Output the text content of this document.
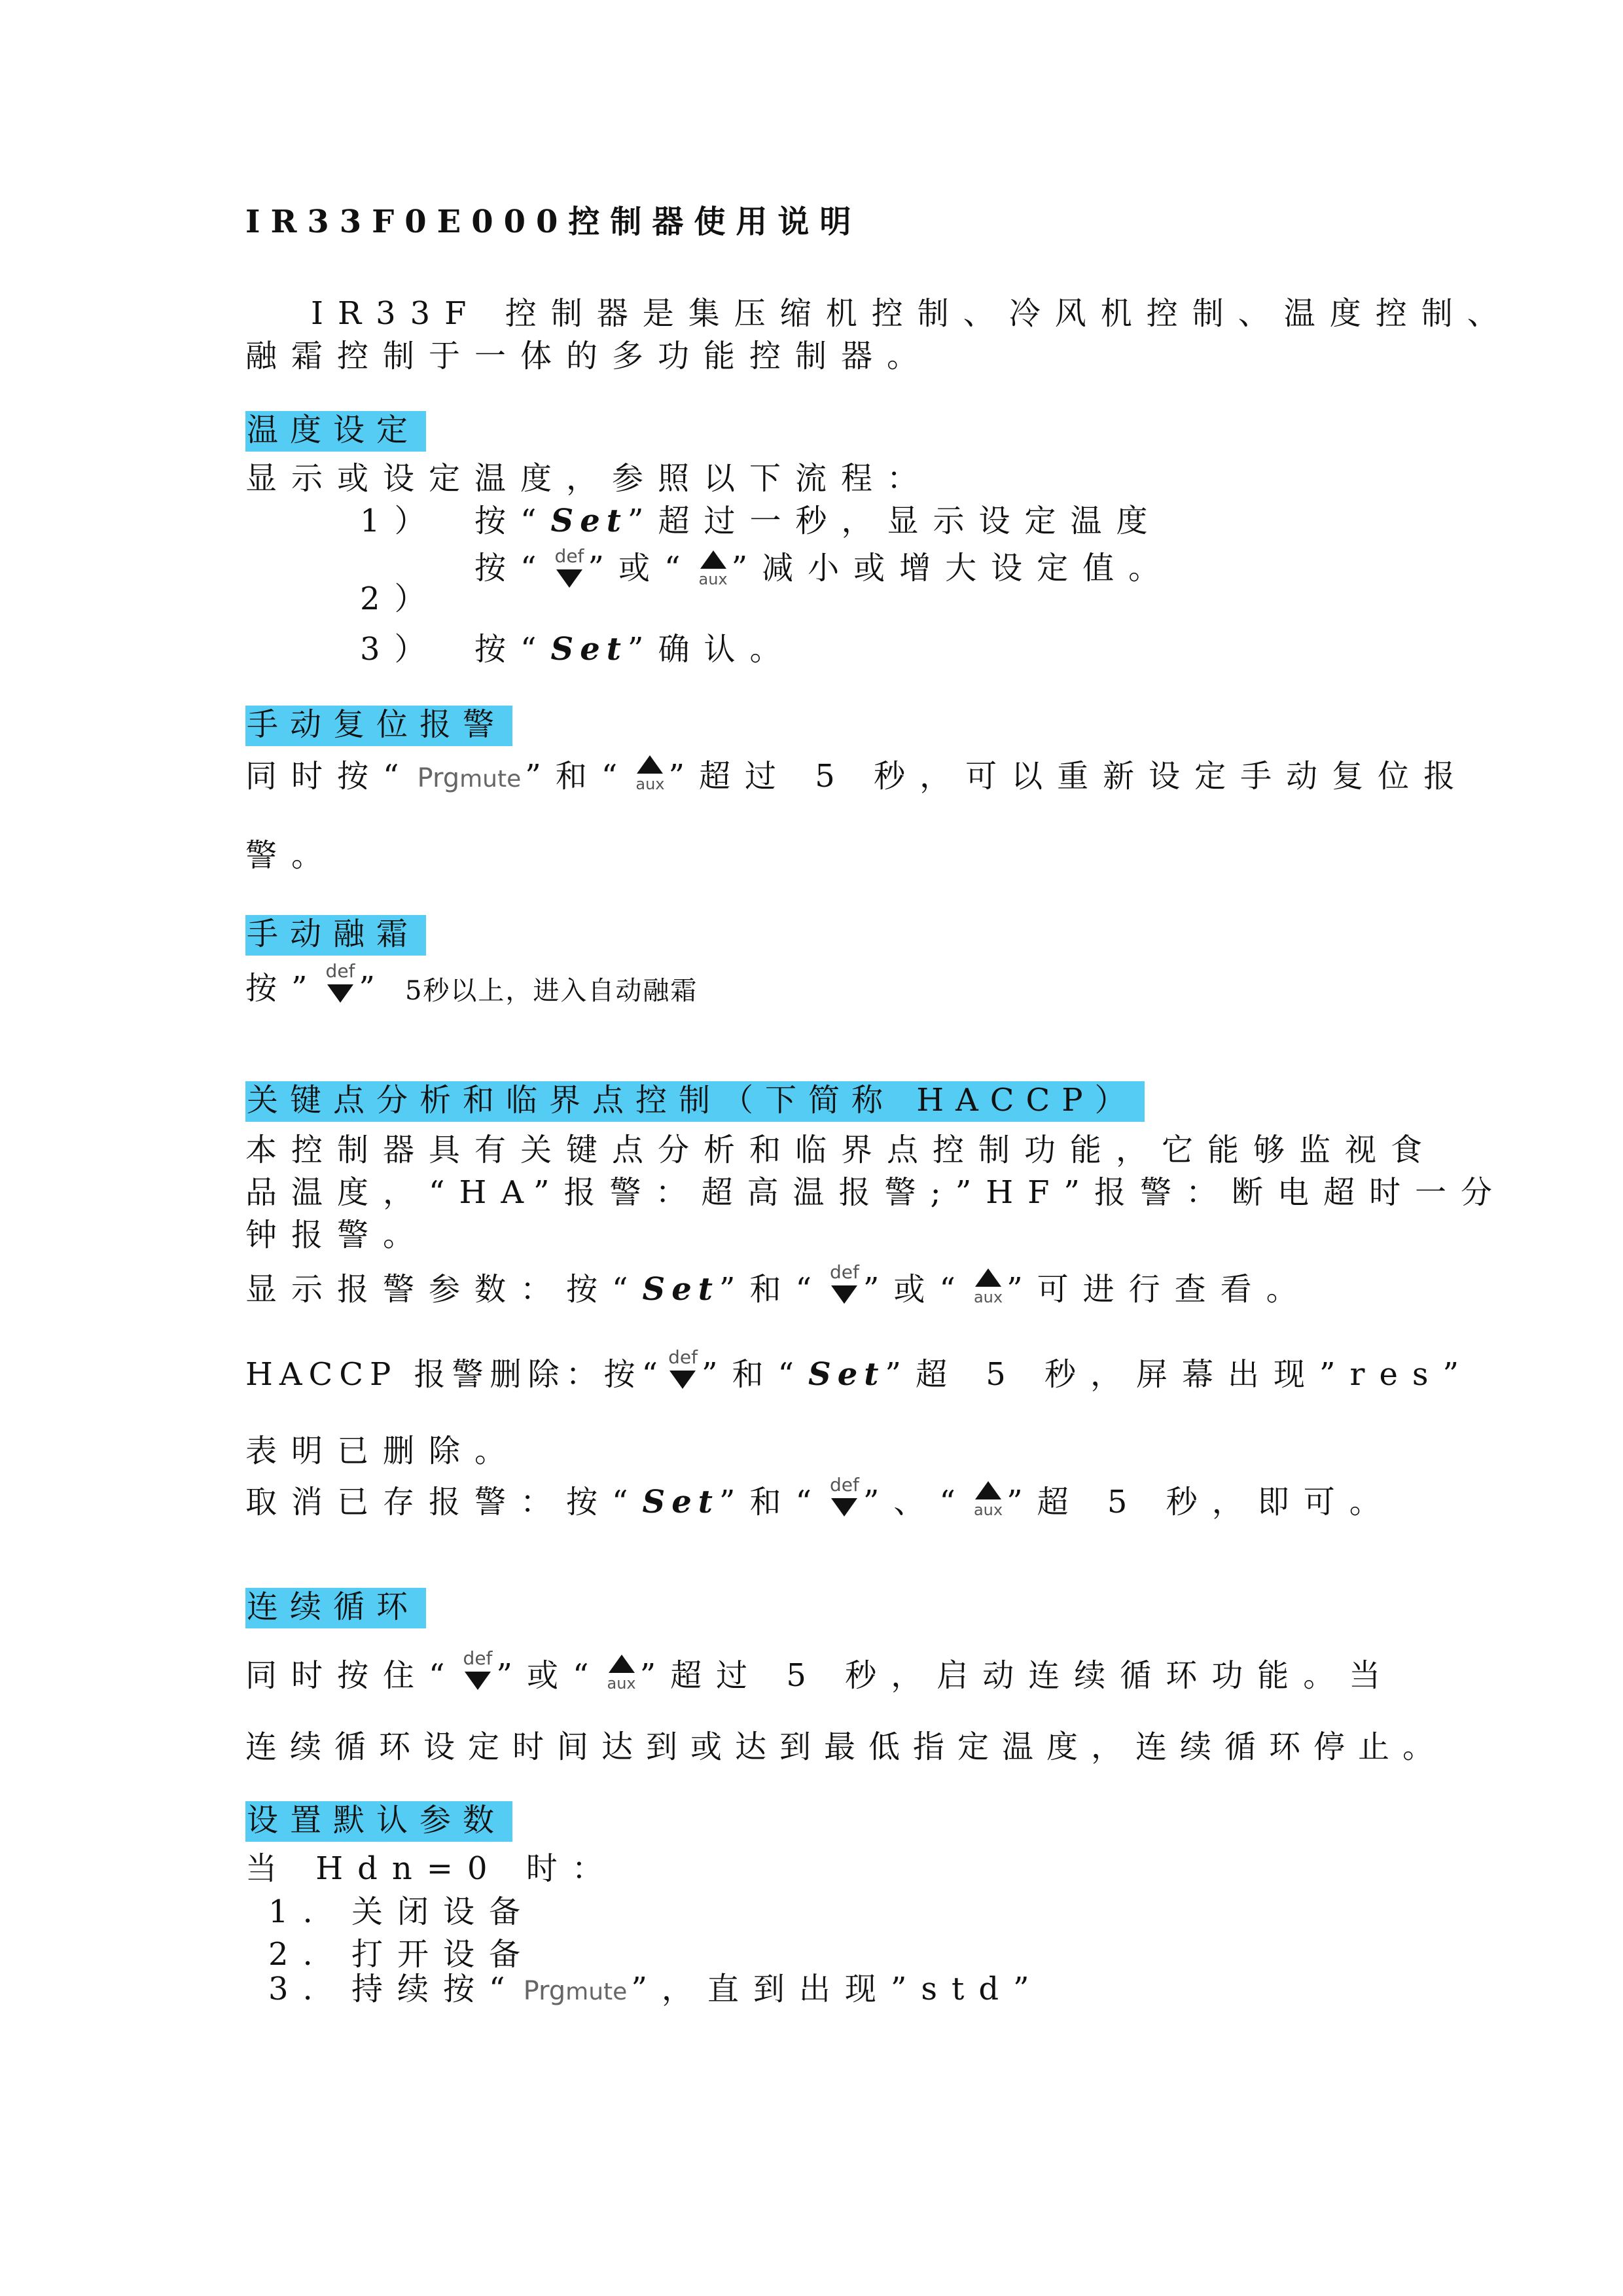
IR33F0E000控制器使用说明
IR33F 控制器是集压缩机控制、冷风机控制、温度控制、
融霜控制于一体的多功能控制器。
温度设定
显示或设定温度，参照以下流程：
1） 按“Set”超过一秒，显示设定温度
2）
按“ def ”或“ aux ”减小或增大设定值。
3） 按“Set”确认。
手动复位报警
同时按“ Prgmute ”和“ aux ”超过 5 秒，可以重新设定手动复位报
警。
手动融霜
按” def ” 5秒以上，进入自动融霜
关键点分析和临界点控制（下简称 HACCP）
本控制器具有关键点分析和临界点控制功能，它能够监视食
品温度，“HA”报警：超高温报警;”HF”报警：断电超时一分
钟报警。
显示报警参数：按“Set”和“ def ”或“ aux ”可进行查看。
HACCP 报警删除：按“ def ”和“Set”超 5 秒，屏幕出现”res”
表明已删除。
取消已存报警：按“Set”和“ def ”、“ aux ”超 5 秒，即可。
连续循环
同时按住“ def ”或“ aux ”超过 5 秒，启动连续循环功能。当
连续循环设定时间达到或达到最低指定温度，连续循环停止。
设置默认参数
当 Hdn=0 时：
1. 关闭设备
2. 打开设备
3. 持续按“ Prgmute ”，直到出现”std”
